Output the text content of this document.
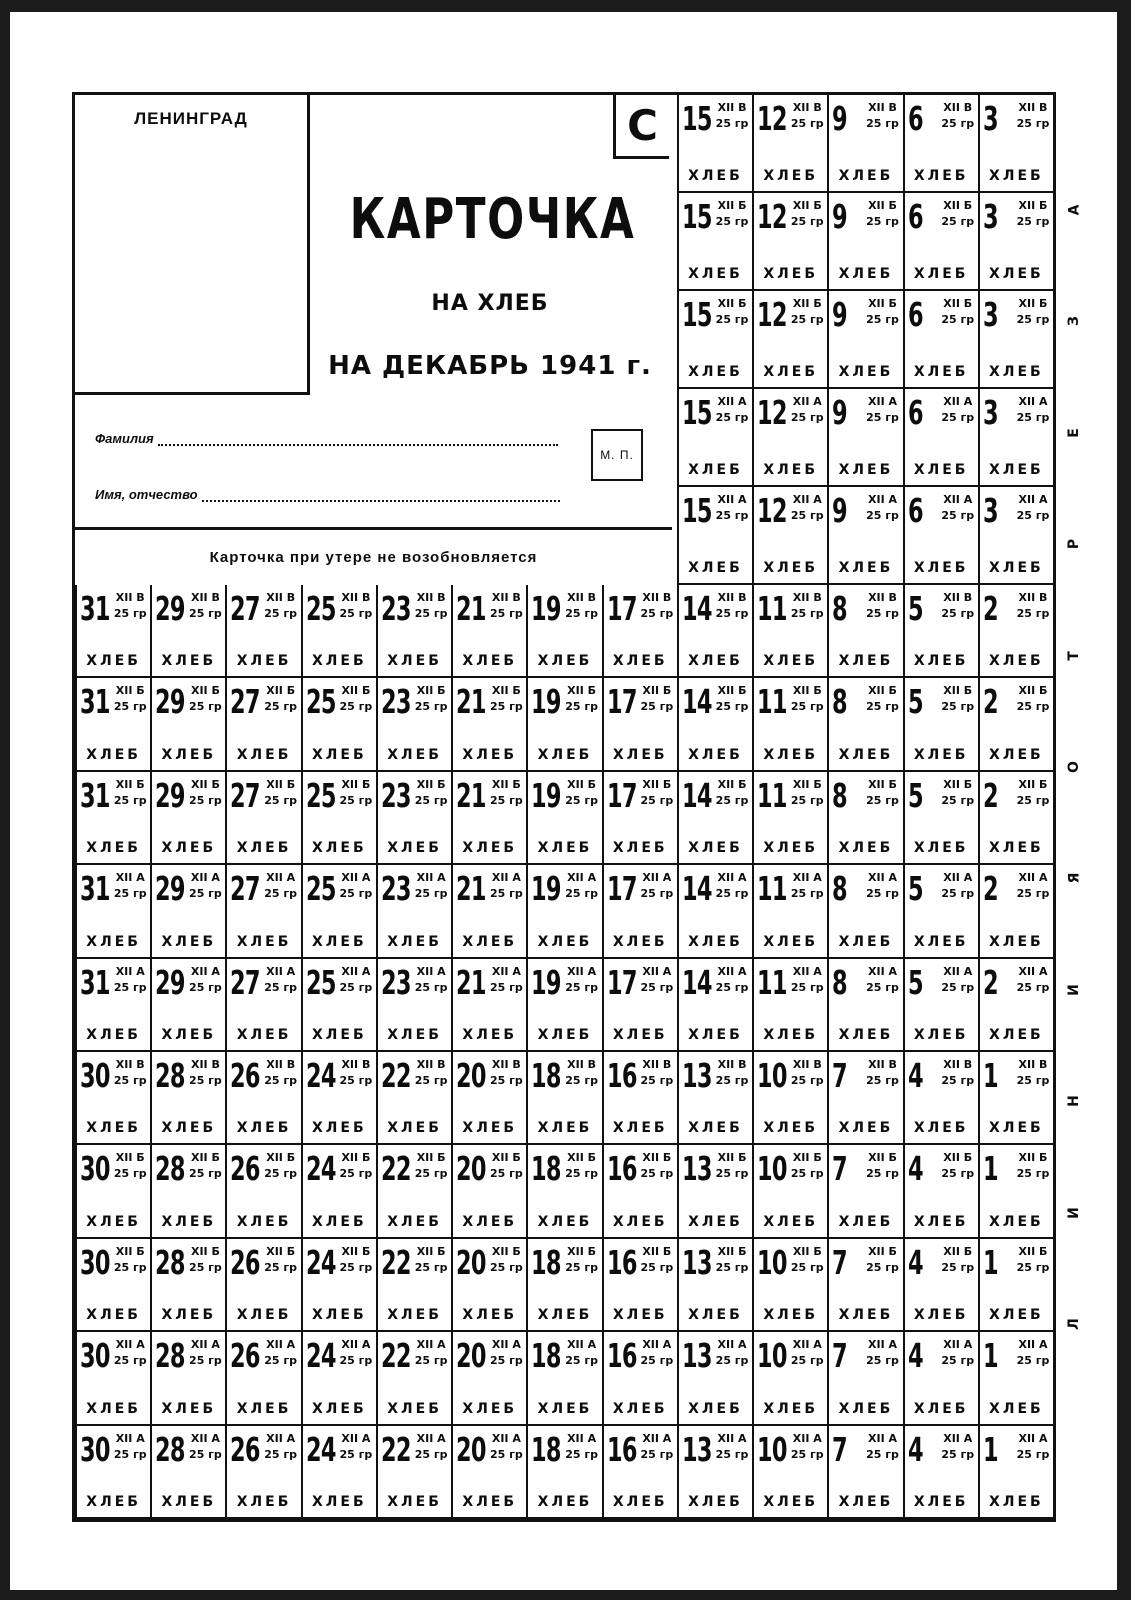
ЛЕНИНГРАД	С
КАРТОЧКА
НА ХЛЕБ
НА ДЕКАБРЬ 1941 г.
Фамилия
Имя, отчество
М. П.
Карточка при утере не возобновляется
15 XII В
25 гр
ХЛЕБ
12 XII В
25 гр
ХЛЕБ
9 XII В
25 гр
ХЛЕБ
6 XII В
25 гр
ХЛЕБ
3 XII В
25 гр
ХЛЕБ
15 XII Б
25 гр
ХЛЕБ
12 XII Б
25 гр
ХЛЕБ
9 XII Б
25 гр
ХЛЕБ
6 XII Б
25 гр
ХЛЕБ
3 XII Б
25 гр
ХЛЕБ
15 XII Б
25 гр
ХЛЕБ
12 XII Б
25 гр
ХЛЕБ
9 XII Б
25 гр
ХЛЕБ
6 XII Б
25 гр
ХЛЕБ
3 XII Б
25 гр
ХЛЕБ
15 XII А
25 гр
ХЛЕБ
12 XII А
25 гр
ХЛЕБ
9 XII А
25 гр
ХЛЕБ
6 XII А
25 гр
ХЛЕБ
3 XII А
25 гр
ХЛЕБ
15 XII А
25 гр
ХЛЕБ
12 XII А
25 гр
ХЛЕБ
9 XII А
25 гр
ХЛЕБ
6 XII А
25 гр
ХЛЕБ
3 XII А
25 гр
ХЛЕБ
31 XII В
25 гр
ХЛЕБ
29 XII В
25 гр
ХЛЕБ
27 XII В
25 гр
ХЛЕБ
25 XII В
25 гр
ХЛЕБ
23 XII В
25 гр
ХЛЕБ
21 XII В
25 гр
ХЛЕБ
19 XII В
25 гр
ХЛЕБ
17 XII В
25 гр
ХЛЕБ
14 XII В
25 гр
ХЛЕБ
11 XII В
25 гр
ХЛЕБ
8 XII В
25 гр
ХЛЕБ
5 XII В
25 гр
ХЛЕБ
2 XII В
25 гр
ХЛЕБ
31 XII Б
25 гр
ХЛЕБ
29 XII Б
25 гр
ХЛЕБ
27 XII Б
25 гр
ХЛЕБ
25 XII Б
25 гр
ХЛЕБ
23 XII Б
25 гр
ХЛЕБ
21 XII Б
25 гр
ХЛЕБ
19 XII Б
25 гр
ХЛЕБ
17 XII Б
25 гр
ХЛЕБ
14 XII Б
25 гр
ХЛЕБ
11 XII Б
25 гр
ХЛЕБ
8 XII Б
25 гр
ХЛЕБ
5 XII Б
25 гр
ХЛЕБ
2 XII Б
25 гр
ХЛЕБ
31 XII Б
25 гр
ХЛЕБ
29 XII Б
25 гр
ХЛЕБ
27 XII Б
25 гр
ХЛЕБ
25 XII Б
25 гр
ХЛЕБ
23 XII Б
25 гр
ХЛЕБ
21 XII Б
25 гр
ХЛЕБ
19 XII Б
25 гр
ХЛЕБ
17 XII Б
25 гр
ХЛЕБ
14 XII Б
25 гр
ХЛЕБ
11 XII Б
25 гр
ХЛЕБ
8 XII Б
25 гр
ХЛЕБ
5 XII Б
25 гр
ХЛЕБ
2 XII Б
25 гр
ХЛЕБ
31 XII А
25 гр
ХЛЕБ
29 XII А
25 гр
ХЛЕБ
27 XII А
25 гр
ХЛЕБ
25 XII А
25 гр
ХЛЕБ
23 XII А
25 гр
ХЛЕБ
21 XII А
25 гр
ХЛЕБ
19 XII А
25 гр
ХЛЕБ
17 XII А
25 гр
ХЛЕБ
14 XII А
25 гр
ХЛЕБ
11 XII А
25 гр
ХЛЕБ
8 XII А
25 гр
ХЛЕБ
5 XII А
25 гр
ХЛЕБ
2 XII А
25 гр
ХЛЕБ
31 XII А
25 гр
ХЛЕБ
29 XII А
25 гр
ХЛЕБ
27 XII А
25 гр
ХЛЕБ
25 XII А
25 гр
ХЛЕБ
23 XII А
25 гр
ХЛЕБ
21 XII А
25 гр
ХЛЕБ
19 XII А
25 гр
ХЛЕБ
17 XII А
25 гр
ХЛЕБ
14 XII А
25 гр
ХЛЕБ
11 XII А
25 гр
ХЛЕБ
8 XII А
25 гр
ХЛЕБ
5 XII А
25 гр
ХЛЕБ
2 XII А
25 гр
ХЛЕБ
30 XII В
25 гр
ХЛЕБ
28 XII В
25 гр
ХЛЕБ
26 XII В
25 гр
ХЛЕБ
24 XII В
25 гр
ХЛЕБ
22 XII В
25 гр
ХЛЕБ
20 XII В
25 гр
ХЛЕБ
18 XII В
25 гр
ХЛЕБ
16 XII В
25 гр
ХЛЕБ
13 XII В
25 гр
ХЛЕБ
10 XII В
25 гр
ХЛЕБ
7 XII В
25 гр
ХЛЕБ
4 XII В
25 гр
ХЛЕБ
1 XII В
25 гр
ХЛЕБ
30 XII Б
25 гр
ХЛЕБ
28 XII Б
25 гр
ХЛЕБ
26 XII Б
25 гр
ХЛЕБ
24 XII Б
25 гр
ХЛЕБ
22 XII Б
25 гр
ХЛЕБ
20 XII Б
25 гр
ХЛЕБ
18 XII Б
25 гр
ХЛЕБ
16 XII Б
25 гр
ХЛЕБ
13 XII Б
25 гр
ХЛЕБ
10 XII Б
25 гр
ХЛЕБ
7 XII Б
25 гр
ХЛЕБ
4 XII Б
25 гр
ХЛЕБ
1 XII Б
25 гр
ХЛЕБ
30 XII Б
25 гр
ХЛЕБ
28 XII Б
25 гр
ХЛЕБ
26 XII Б
25 гр
ХЛЕБ
24 XII Б
25 гр
ХЛЕБ
22 XII Б
25 гр
ХЛЕБ
20 XII Б
25 гр
ХЛЕБ
18 XII Б
25 гр
ХЛЕБ
16 XII Б
25 гр
ХЛЕБ
13 XII Б
25 гр
ХЛЕБ
10 XII Б
25 гр
ХЛЕБ
7 XII Б
25 гр
ХЛЕБ
4 XII Б
25 гр
ХЛЕБ
1 XII Б
25 гр
ХЛЕБ
30 XII А
25 гр
ХЛЕБ
28 XII А
25 гр
ХЛЕБ
26 XII А
25 гр
ХЛЕБ
24 XII А
25 гр
ХЛЕБ
22 XII А
25 гр
ХЛЕБ
20 XII А
25 гр
ХЛЕБ
18 XII А
25 гр
ХЛЕБ
16 XII А
25 гр
ХЛЕБ
13 XII А
25 гр
ХЛЕБ
10 XII А
25 гр
ХЛЕБ
7 XII А
25 гр
ХЛЕБ
4 XII А
25 гр
ХЛЕБ
1 XII А
25 гр
ХЛЕБ
30 XII А
25 гр
ХЛЕБ
28 XII А
25 гр
ХЛЕБ
26 XII А
25 гр
ХЛЕБ
24 XII А
25 гр
ХЛЕБ
22 XII А
25 гр
ХЛЕБ
20 XII А
25 гр
ХЛЕБ
18 XII А
25 гр
ХЛЕБ
16 XII А
25 гр
ХЛЕБ
13 XII А
25 гр
ХЛЕБ
10 XII А
25 гр
ХЛЕБ
7 XII А
25 гр
ХЛЕБ
4 XII А
25 гр
ХЛЕБ
1 XII А
25 гр
ХЛЕБ
А
З
Е
Р
Т
О
Я
И
Н
И
Л
